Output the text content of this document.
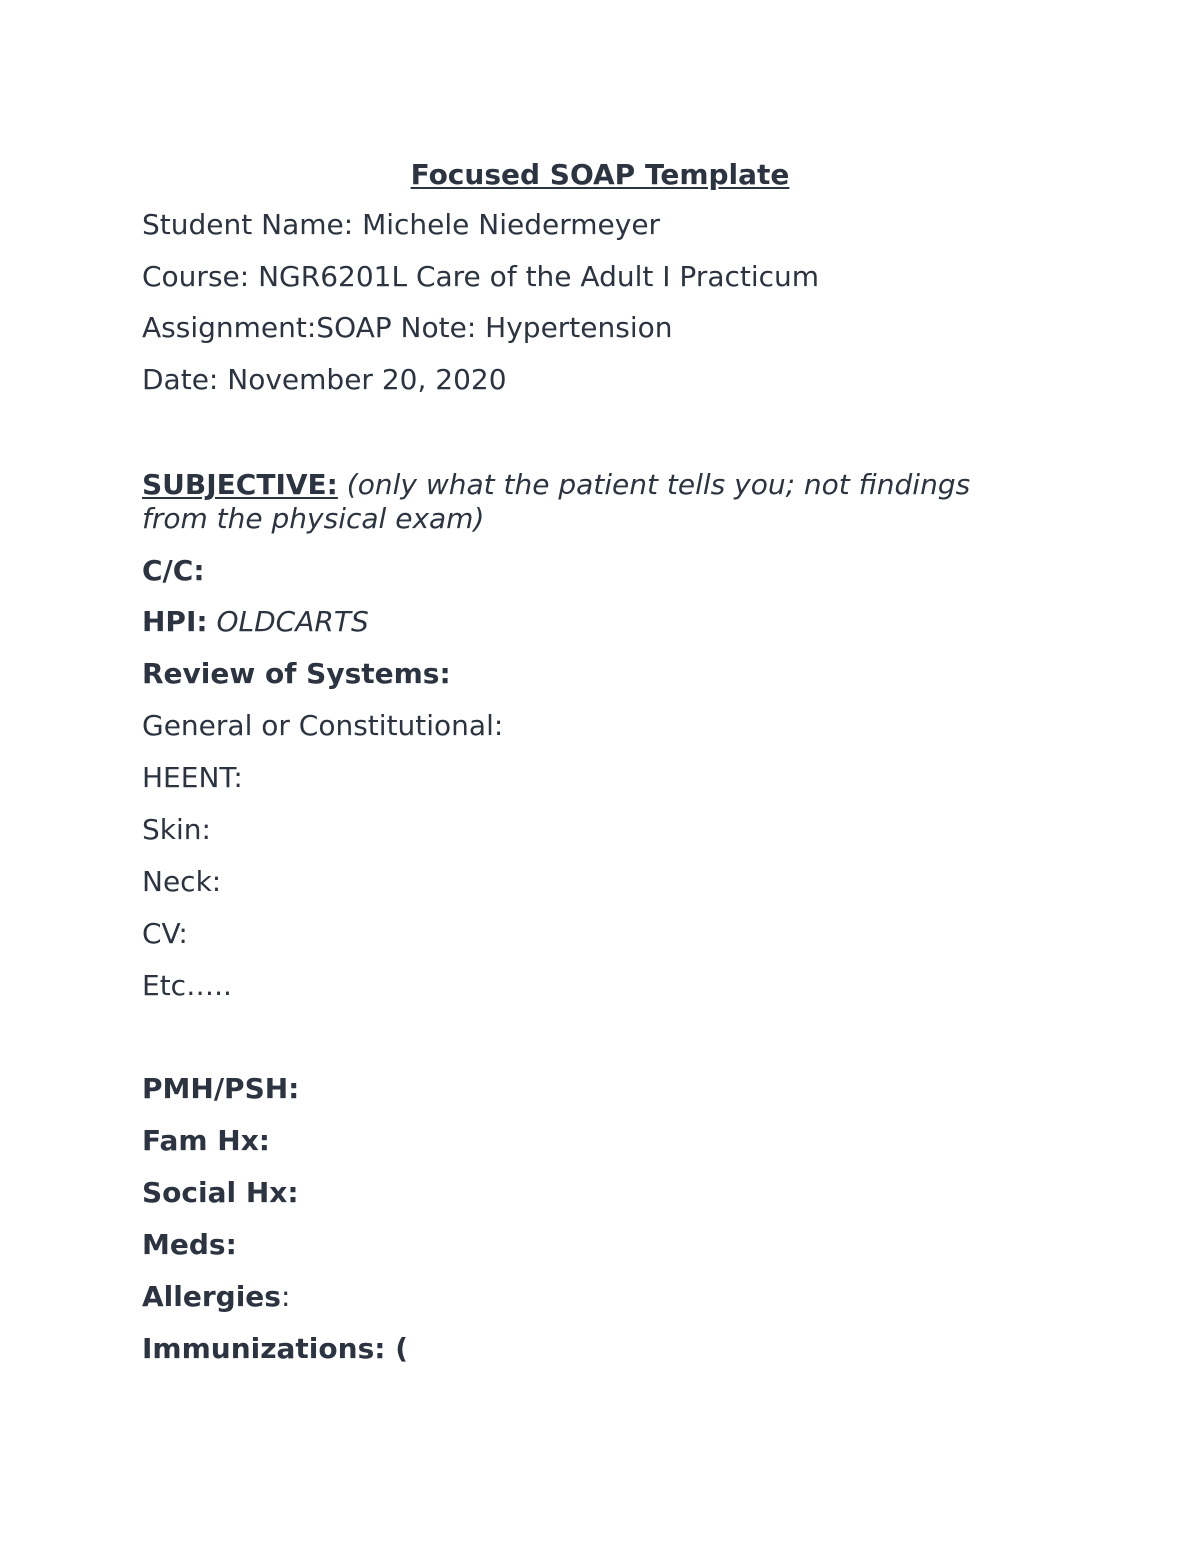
Focused SOAP Template
Student Name: Michele Niedermeyer
Course: NGR6201L Care of the Adult I Practicum
Assignment:SOAP Note: Hypertension
Date: November 20, 2020
SUBJECTIVE: (only what the patient tells you; not findings from the physical exam)
C/C:
HPI: OLDCARTS
Review of Systems:
General or Constitutional:
HEENT:
Skin:
Neck:
CV:
Etc…..
PMH/PSH:
Fam Hx:
Social Hx:
Meds:
Allergies:
Immunizations: (
